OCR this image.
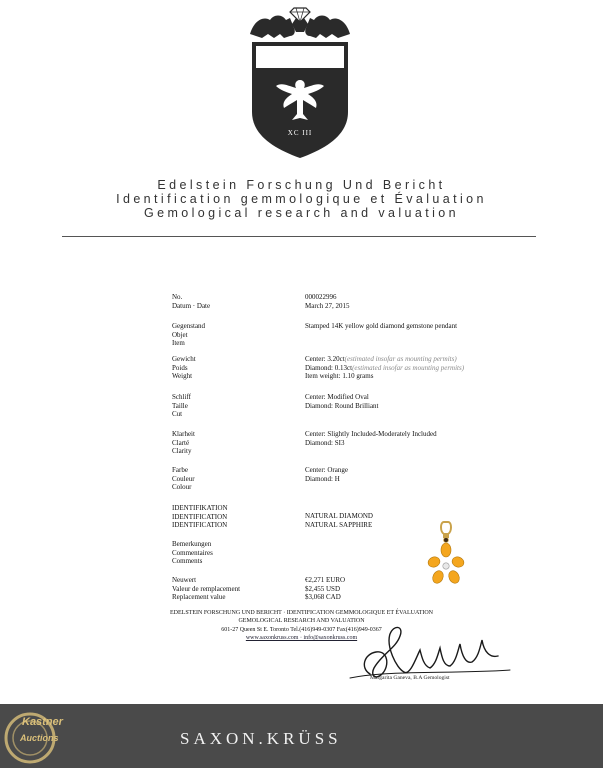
XC III
Edelstein Forschung Und Bericht
Identification gemmologique et Évaluation
Gemological research and valuation
No.
Datum · Date
000022996
March 27, 2015
Gegenstand
Objet
Item
Stamped 14K yellow gold diamond gemstone pendant
Gewicht
Poids
Weight
Center: 3.20ct(estimated insofar as mounting permits)
Diamond: 0.13ct(estimated insofar as mounting permits)
Item weight: 1.10 grams
Schliff
Taille
Cut
Center: Modified Oval
Diamond: Round Brilliant
Klarheit
Clarté
Clarity
Center: Slightly Included-Moderately Included
Diamond: SI3
Farbe
Couleur
Colour
Center: Orange
Diamond: H
IDENTIFIKATION
IDENTIFICATION
IDENTIFICATION
NATURAL DIAMOND
NATURAL SAPPHIRE
Bemerkungen
Commentaires
Comments
Neuwert
Valeur de remplacement
Replacement value
€2,271 EURO
$2,455 USD
$3,068 CAD
EDELSTEIN FORSCHUNG UND BERICHT · IDENTIFICATION GEMMOLOGIQUE ET ÉVALUATION
GEMOLOGICAL RESEARCH AND VALUATION
601-27 Queen St E. Toronto Tel.(416)949-0307 Fax(416)949-0367
www.saxonkruss.com · info@saxonkruss.com
Margarita Ganeva, B.A Gemologist
Kastner
Auctions	SAXON.KRÜSS
